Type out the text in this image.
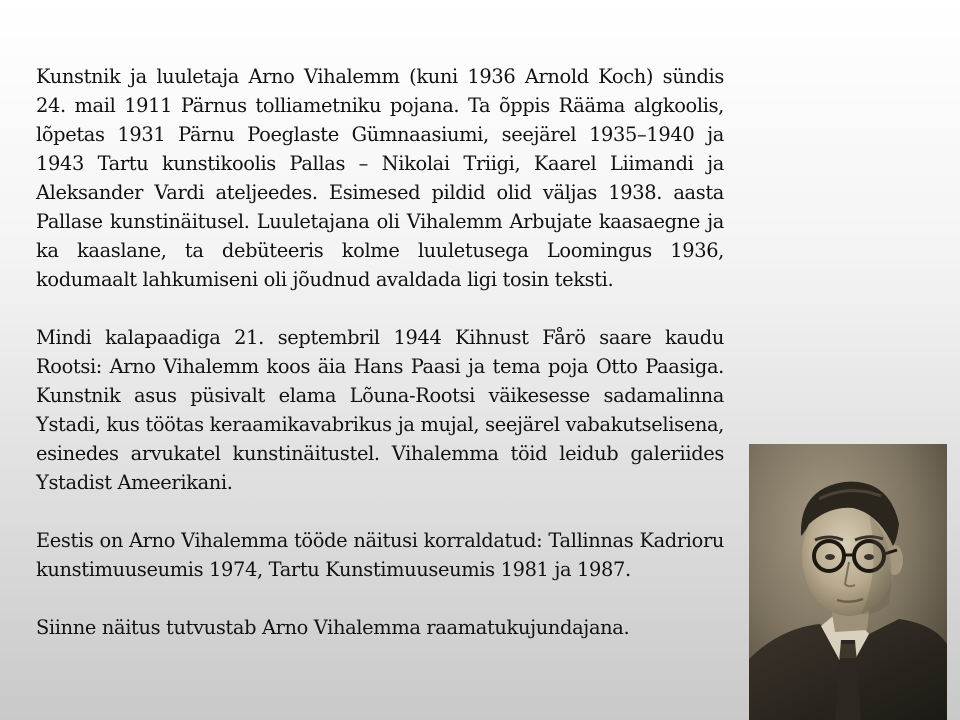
Kunstnik ja luuletaja Arno Vihalemm (kuni 1936 Arnold Koch) sündis 24. mail 1911 Pärnus tolliametniku pojana. Ta õppis Rääma algkoolis, lõpetas 1931 Pärnu Poeglaste Gümnaasiumi, seejärel 1935–1940 ja 1943 Tartu kunstikoolis Pallas – Nikolai Triigi, Kaarel Liimandi ja Aleksander Vardi ateljeedes. Esimesed pildid olid väljas 1938. aasta Pallase kunstinäitusel. Luuletajana oli Vihalemm Arbujate kaasaegne ja ka kaaslane, ta debüteeris kolme luuletusega Loomingus 1936, kodumaalt lahkumiseni oli jõudnud avaldada ligi tosin teksti.

Mindi kalapaadiga 21. septembril 1944 Kihnust Fårö saare kaudu Rootsi: Arno Vihalemm koos äia Hans Paasi ja tema poja Otto Paasiga. Kunstnik asus püsivalt elama Lõuna-Rootsi väikesesse sadamalinna Ystadi, kus töötas keraamikavabrikus ja mujal, seejärel vabakutselisena, esinedes arvukatel kunstinäitustel. Vihalemma töid leidub galeriides Ystadist Ameerikani.

Eestis on Arno Vihalemma tööde näitusi korraldatud: Tallinnas Kadrioru kunstimuuseumis 1974, Tartu Kunstimuuseumis 1981 ja 1987.

Siinne näitus tutvustab Arno Vihalemma raamatukujundajana.
